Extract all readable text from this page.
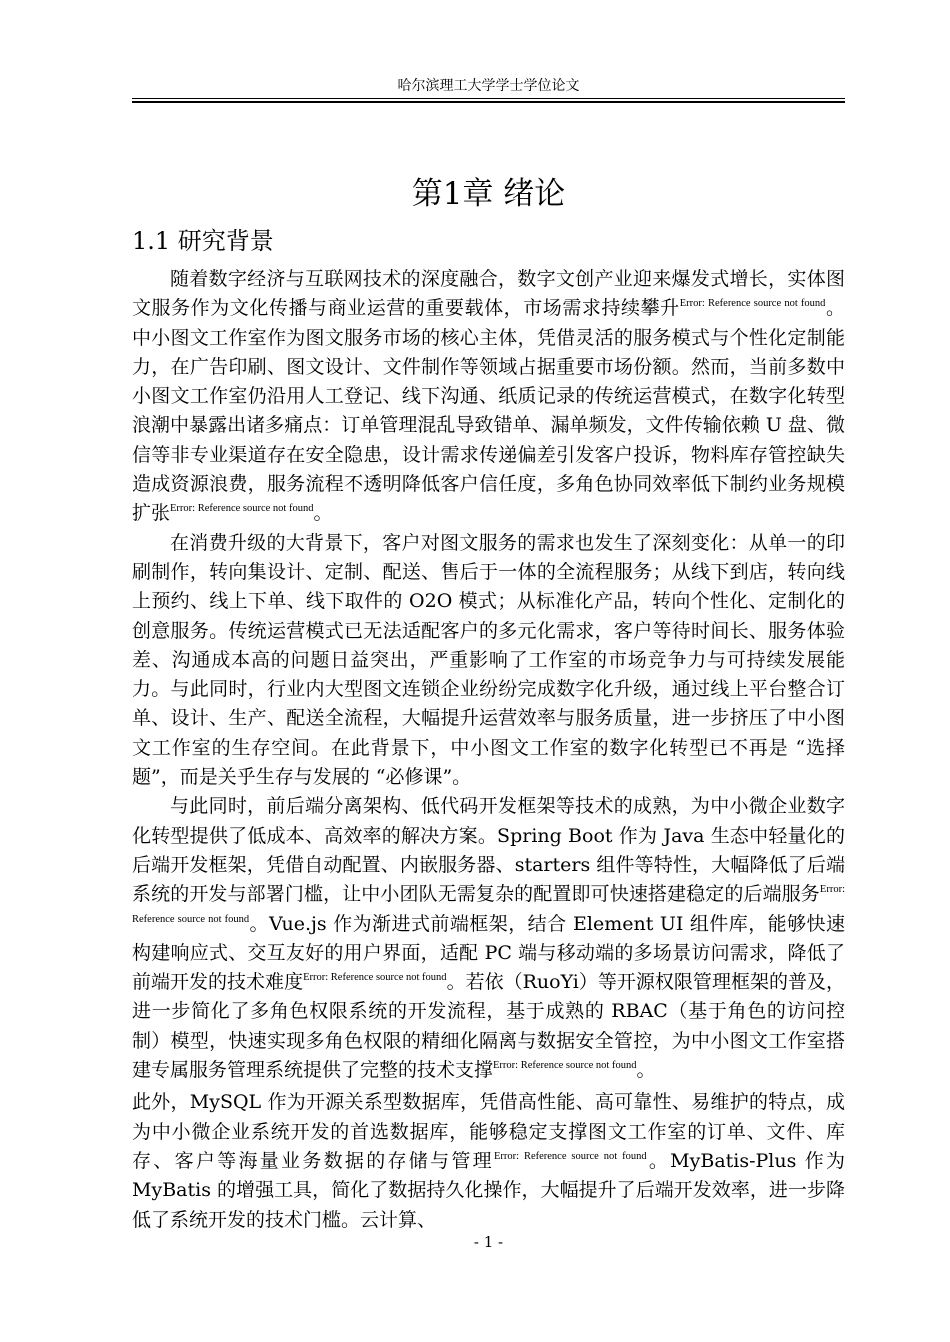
哈尔滨理工大学学士学位论文
第1章 绪论
1.1 研究背景

随着数字经济与互联网技术的深度融合，数字文创产业迎来爆发式增长，实体图文服务作为文化传播与商业运营的重要载体，市场需求持续攀升$^{Error: Reference source not found}$。中小图文工作室作为图文服务市场的核心主体，凭借灵活的服务模式与个性化定制能力，在广告印刷、图文设计、文件制作等领域占据重要市场份额。然而，当前多数中小图文工作室仍沿用人工登记、线下沟通、纸质记录的传统运营模式，在数字化转型浪潮中暴露出诸多痛点：订单管理混乱导致错单、漏单频发，文件传输依赖 U 盘、微信等非专业渠道存在安全隐患，设计需求传递偏差引发客户投诉，物料库存管控缺失造成资源浪费，服务流程不透明降低客户信任度，多角色协同效率低下制约业务规模扩张$^{Error: Reference source not found}$。

在消费升级的大背景下，客户对图文服务的需求也发生了深刻变化：从单一的印刷制作，转向集设计、定制、配送、售后于一体的全流程服务；从线下到店，转向线上预约、线上下单、线下取件的 O2O 模式；从标准化产品，转向个性化、定制化的创意服务。传统运营模式已无法适配客户的多元化需求，客户等待时间长、服务体验差、沟通成本高的问题日益突出，严重影响了工作室的市场竞争力与可持续发展能力。与此同时，行业内大型图文连锁企业纷纷完成数字化升级，通过线上平台整合订单、设计、生产、配送全流程，大幅提升运营效率与服务质量，进一步挤压了中小图文工作室的生存空间。在此背景下，中小图文工作室的数字化转型已不再是 “选择题”，而是关乎生存与发展的 “必修课”。

与此同时，前后端分离架构、低代码开发框架等技术的成熟，为中小微企业数字化转型提供了低成本、高效率的解决方案。Spring Boot 作为 Java 生态中轻量化的后端开发框架，凭借自动配置、内嵌服务器、starters 组件等特性，大幅降低了后端系统的开发与部署门槛，让中小团队无需复杂的配置即可快速搭建稳定的后端服务$^{Error: Reference source not found}$。Vue.js 作为渐进式前端框架，结合 Element UI 组件库，能够快速构建响应式、交互友好的用户界面，适配 PC 端与移动端的多场景访问需求，降低了前端开发的技术难度$^{Error: Reference source not found}$。若依（RuoYi）等开源权限管理框架的普及，进一步简化了多角色权限系统的开发流程，基于成熟的 RBAC（基于角色的访问控制）模型，快速实现多角色权限的精细化隔离与数据安全管控，为中小图文工作室搭建专属服务管理系统提供了完整的技术支撑$^{Error: Reference source not found}$。

此外，MySQL 作为开源关系型数据库，凭借高性能、高可靠性、易维护的特点，成为中小微企业系统开发的首选数据库，能够稳定支撑图文工作室的订单、文件、库存、客户等海量业务数据的存储与管理$^{Error: Reference source not found}$。MyBatis-Plus 作为 MyBatis 的增强工具，简化了数据持久化操作，大幅提升了后端开发效率，进一步降低了系统开发的技术门槛。云计算、

- 1 -
